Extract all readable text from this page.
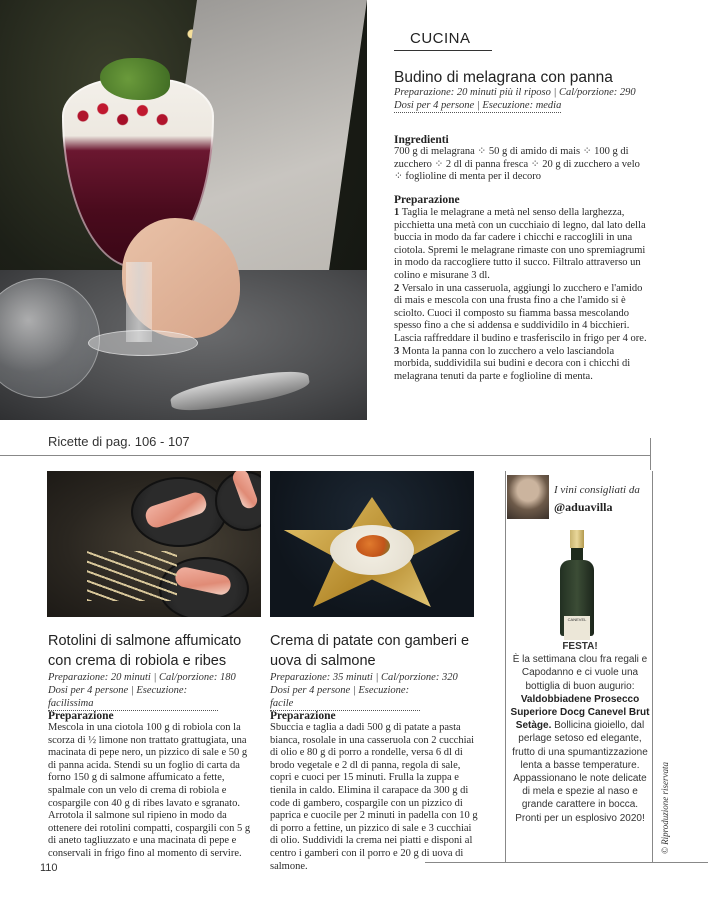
CUCINA
Budino di melagrana con panna
Preparazione: 20 minuti più il riposo | Cal/porzione: 290
Dosi per 4 persone | Esecuzione: media
Ingredienti
700 g di melagrana ⁘ 50 g di amido di mais ⁘ 100 g di zucchero ⁘ 2 dl di panna fresca ⁘ 20 g di zucchero a velo ⁘ foglioline di menta per il decoro
Preparazione

1 Taglia le melagrane a metà nel senso della larghezza, picchietta una metà con un cucchiaio di legno, dal lato della buccia in modo da far cadere i chicchi e raccoglili in una ciotola. Spremi le melagrane rimaste con uno spremiagrumi in modo da raccogliere tutto il succo. Filtralo attraverso un colino e misurane 3 dl.

2 Versalo in una casseruola, aggiungi lo zucchero e l'amido di mais e mescola con una frusta fino a che l'amido si è sciolto. Cuoci il composto su fiamma bassa mescolando spesso fino a che si addensa e suddividilo in 4 bicchieri. Lascia raffreddare il budino e trasferiscilo in frigo per 4 ore.

3 Monta la panna con lo zucchero a velo lasciandola morbida, suddividila sui budini e decora con i chicchi di melagrana tenuti da parte e foglioline di menta.

Ricette di pag. 106 - 107
I vini consigliati da
@aduavilla
CANEVEL
FESTA!
È la settimana clou fra regali e Capodanno e ci vuole una bottiglia di buon augurio: Valdobbiadene Prosecco Superiore Docg Canevel Brut Setàge. Bollicina gioiello, dal perlage setoso ed elegante, frutto di una spumantizzazione lenta a basse temperature. Appassionano le note delicate di mela e spezie al naso e grande carattere in bocca. Pronti per un esplosivo 2020!	© Riproduzione riservata
Rotolini di salmone affumicato con crema di robiola e ribes
Preparazione: 20 minuti | Cal/porzione: 180
Dosi per 4 persone | Esecuzione: facilissima
Preparazione
Mescola in una ciotola 100 g di robiola con la scorza di ½ limone non trattato grattugiata, una macinata di pepe nero, un pizzico di sale e 50 g di panna acida. Stendi su un foglio di carta da forno 150 g di salmone affumicato a fette, spalmale con un velo di crema di robiola e cospargile con 40 g di ribes lavato e sgranato. Arrotola il salmone sul ripieno in modo da ottenere dei rotolini compatti, cospargili con 5 g di aneto tagliuzzato e una macinata di pepe e conservali in frigo fino al momento di servire.
Crema di patate con gamberi e uova di salmone
Preparazione: 35 minuti | Cal/porzione: 320
Dosi per 4 persone | Esecuzione: facile
Preparazione
Sbuccia e taglia a dadi 500 g di patate a pasta bianca, rosolale in una casseruola con 2 cucchiai di olio e 80 g di porro a rondelle, versa 6 dl di brodo vegetale e 2 dl di panna, regola di sale, copri e cuoci per 15 minuti. Frulla la zuppa e tienila in caldo. Elimina il carapace da 300 g di code di gambero, cospargile con un pizzico di paprica e cuocile per 2 minuti in padella con 10 g di porro a fettine, un pizzico di sale e 3 cucchiai di olio. Suddividi la crema nei piatti e disponi al centro i gamberi con il porro e 20 g di uova di salmone.
110
